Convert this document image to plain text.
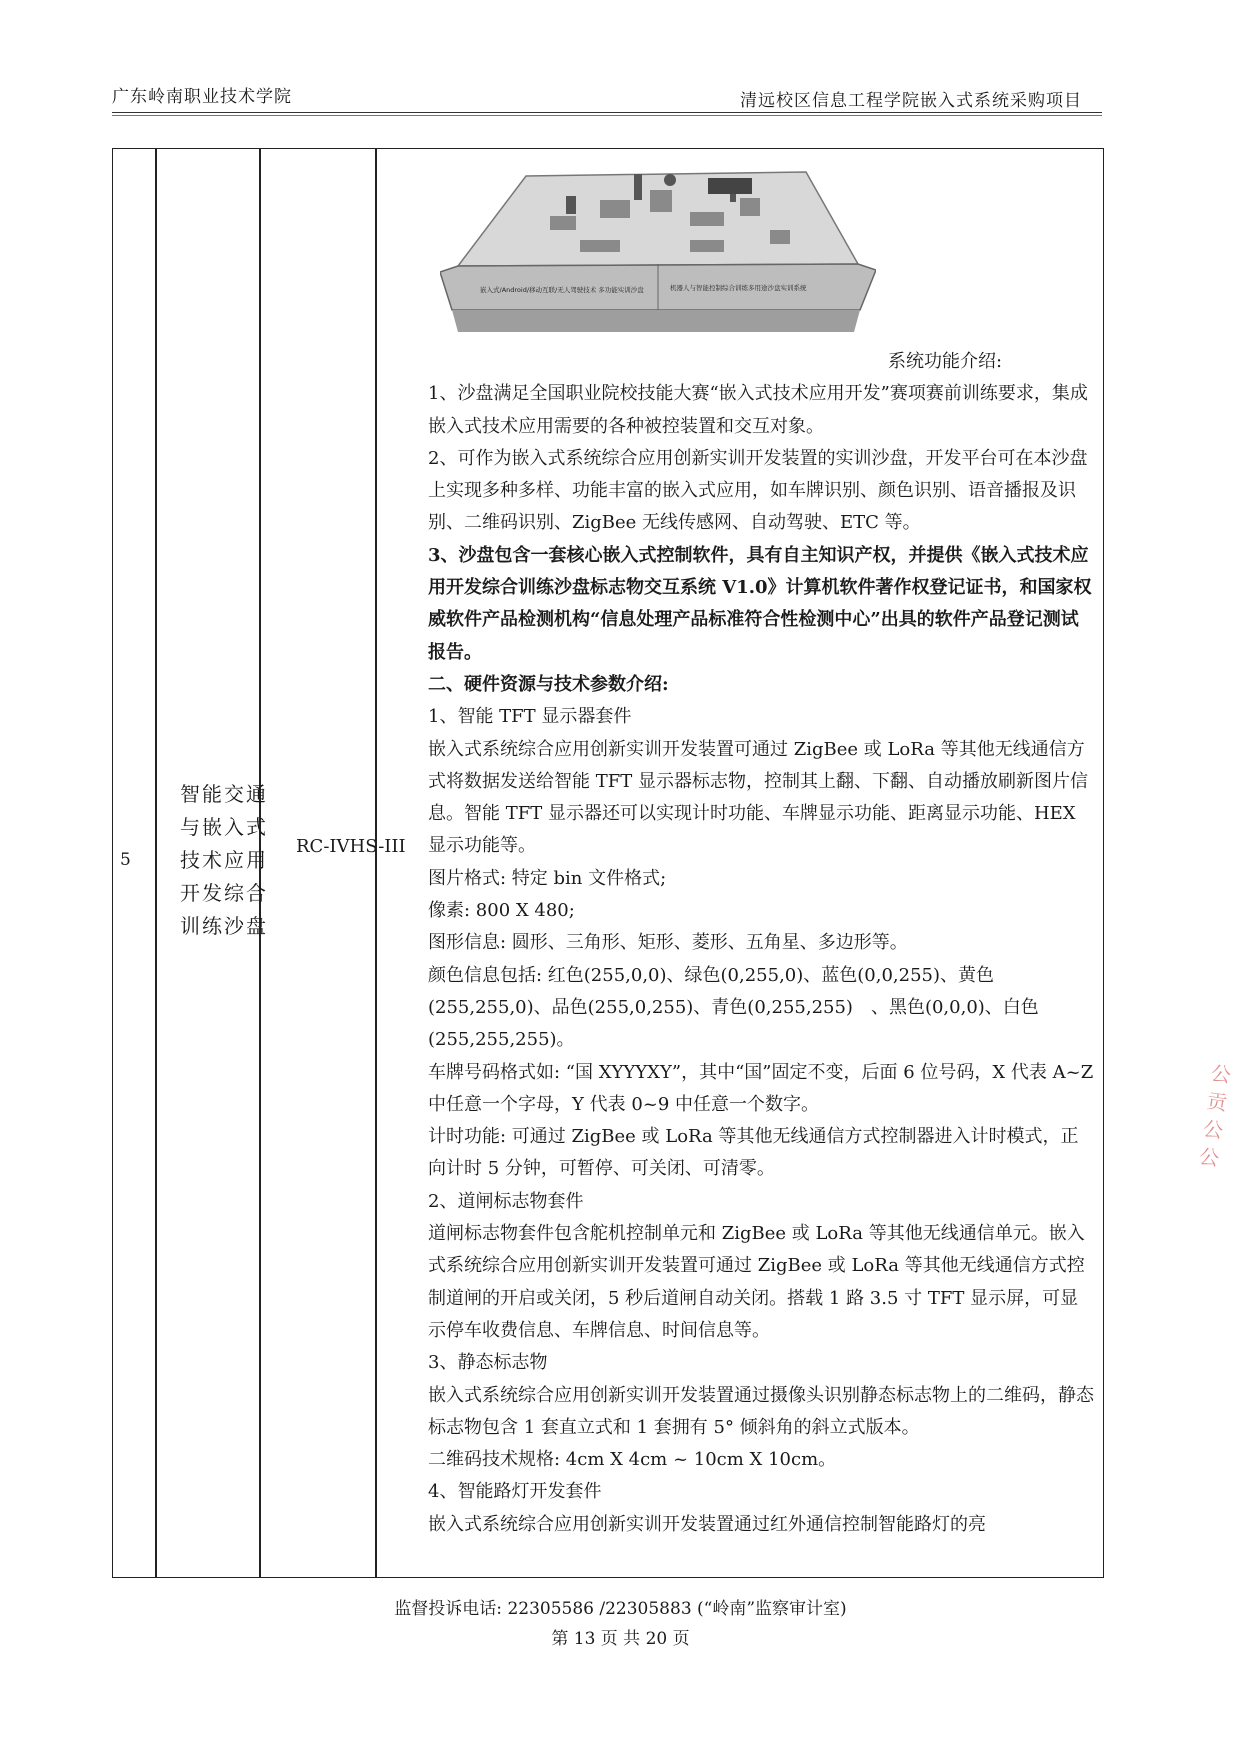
广东岭南职业技术学院	清远校区信息工程学院嵌入式系统采购项目
5
智能交通与嵌入式技术应用开发综合训练沙盘
RC-IVHS-III
嵌入式/Android/移动互联/无人驾驶技术 多功能实训沙盘	机器人与智能控制综合训练多用途沙盘实训系统

系统功能介绍:

1、沙盘满足全国职业院校技能大赛“嵌入式技术应用开发”赛项赛前训练要求，集成嵌入式技术应用需要的各种被控装置和交互对象。

2、可作为嵌入式系统综合应用创新实训开发装置的实训沙盘，开发平台可在本沙盘上实现多种多样、功能丰富的嵌入式应用，如车牌识别、颜色识别、语音播报及识别、二维码识别、ZigBee 无线传感网、自动驾驶、ETC 等。

3、沙盘包含一套核心嵌入式控制软件，具有自主知识产权，并提供《嵌入式技术应用开发综合训练沙盘标志物交互系统 V1.0》计算机软件著作权登记证书，和国家权威软件产品检测机构“信息处理产品标准符合性检测中心”出具的软件产品登记测试报告。

二、硬件资源与技术参数介绍:

1、智能 TFT 显示器套件

嵌入式系统综合应用创新实训开发装置可通过 ZigBee 或 LoRa 等其他无线通信方式将数据发送给智能 TFT 显示器标志物，控制其上翻、下翻、自动播放刷新图片信息。智能 TFT 显示器还可以实现计时功能、车牌显示功能、距离显示功能、HEX 显示功能等。

图片格式: 特定 bin 文件格式;

像素: 800 X 480;

图形信息: 圆形、三角形、矩形、菱形、五角星、多边形等。

颜色信息包括: 红色(255,0,0)、绿色(0,255,0)、蓝色(0,0,255)、黄色(255,255,0)、品色(255,0,255)、青色(0,255,255)　、黑色(0,0,0)、白色(255,255,255)。

车牌号码格式如: “国 XYYYXY”，其中“国”固定不变，后面 6 位号码，X 代表 A~Z 中任意一个字母，Y 代表 0~9 中任意一个数字。

计时功能: 可通过 ZigBee 或 LoRa 等其他无线通信方式控制器进入计时模式，正向计时 5 分钟，可暂停、可关闭、可清零。

2、道闸标志物套件

道闸标志物套件包含舵机控制单元和 ZigBee 或 LoRa 等其他无线通信单元。嵌入式系统综合应用创新实训开发装置可通过 ZigBee 或 LoRa 等其他无线通信方式控制道闸的开启或关闭，5 秒后道闸自动关闭。搭载 1 路 3.5 寸 TFT 显示屏，可显示停车收费信息、车牌信息、时间信息等。

3、静态标志物

嵌入式系统综合应用创新实训开发装置通过摄像头识别静态标志物上的二维码，静态标志物包含 1 套直立式和 1 套拥有 5° 倾斜角的斜立式版本。

二维码技术规格: 4cm X 4cm ~ 10cm X 10cm。

4、智能路灯开发套件

嵌入式系统综合应用创新实训开发装置通过红外通信控制智能路灯的亮

监督投诉电话: 22305586 /22305883 (“岭南”监察审计室)
第 13 页 共 20 页
公贡公公
